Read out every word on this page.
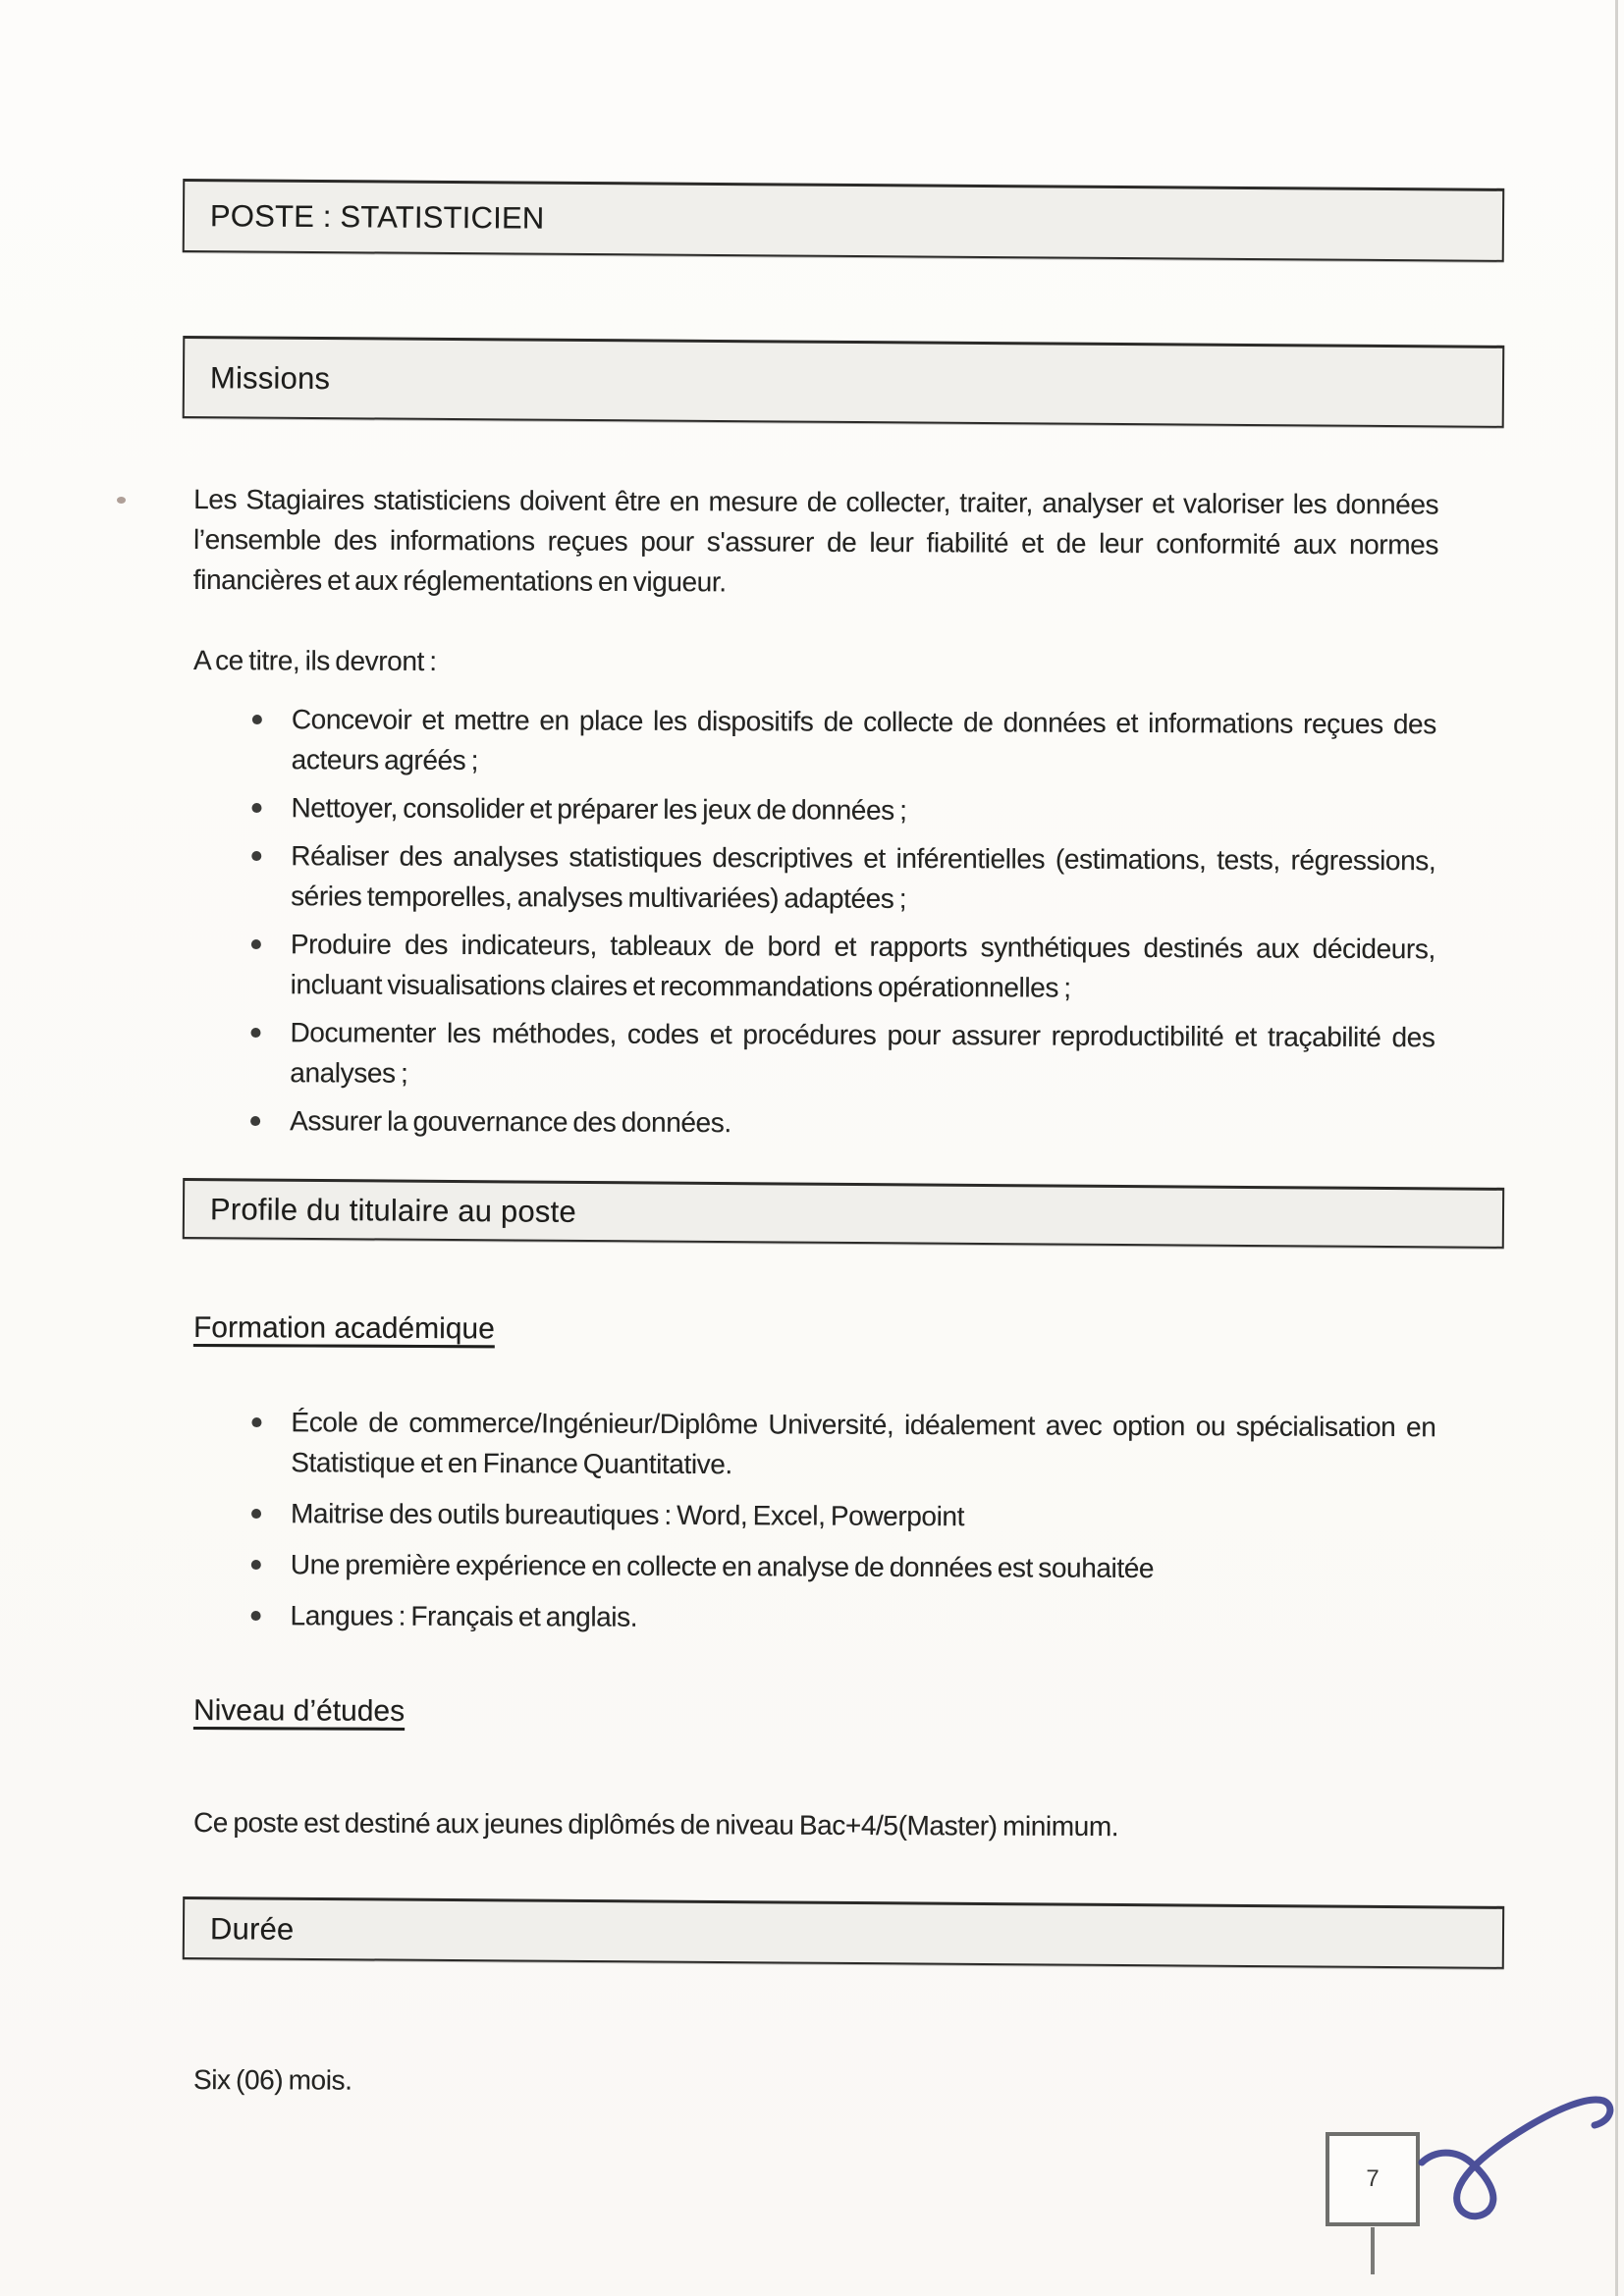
POSTE : STATISTICIEN
Missions

Les Stagiaires statisticiens doivent être en mesure de collecter, traiter, analyser et valoriser les données l’ensemble des informations reçues pour s'assurer de leur fiabilité et de leur conformité aux normes financières et aux réglementations en vigueur.

A ce titre, ils devront :

Concevoir et mettre en place les dispositifs de collecte de données et informations reçues des acteurs agréés ;
Nettoyer, consolider et préparer les jeux de données ;
Réaliser des analyses statistiques descriptives et inférentielles (estimations, tests, régressions, séries temporelles, analyses multivariées) adaptées ;
Produire des indicateurs, tableaux de bord et rapports synthétiques destinés aux décideurs, incluant visualisations claires et recommandations opérationnelles ;
Documenter les méthodes, codes et procédures pour assurer reproductibilité et traçabilité des analyses ;
Assurer la gouvernance des données.
Profile du titulaire au poste
Formation académique
École de commerce/Ingénieur/Diplôme Université, idéalement avec option ou spécialisation en Statistique et en Finance Quantitative.
Maitrise des outils bureautiques : Word, Excel, Powerpoint
Une première expérience en collecte en analyse de données est souhaitée
Langues : Français et anglais.
Niveau d’études

Ce poste est destiné aux jeunes diplômés de niveau Bac+4/5(Master) minimum.

Durée

Six (06) mois.

7
